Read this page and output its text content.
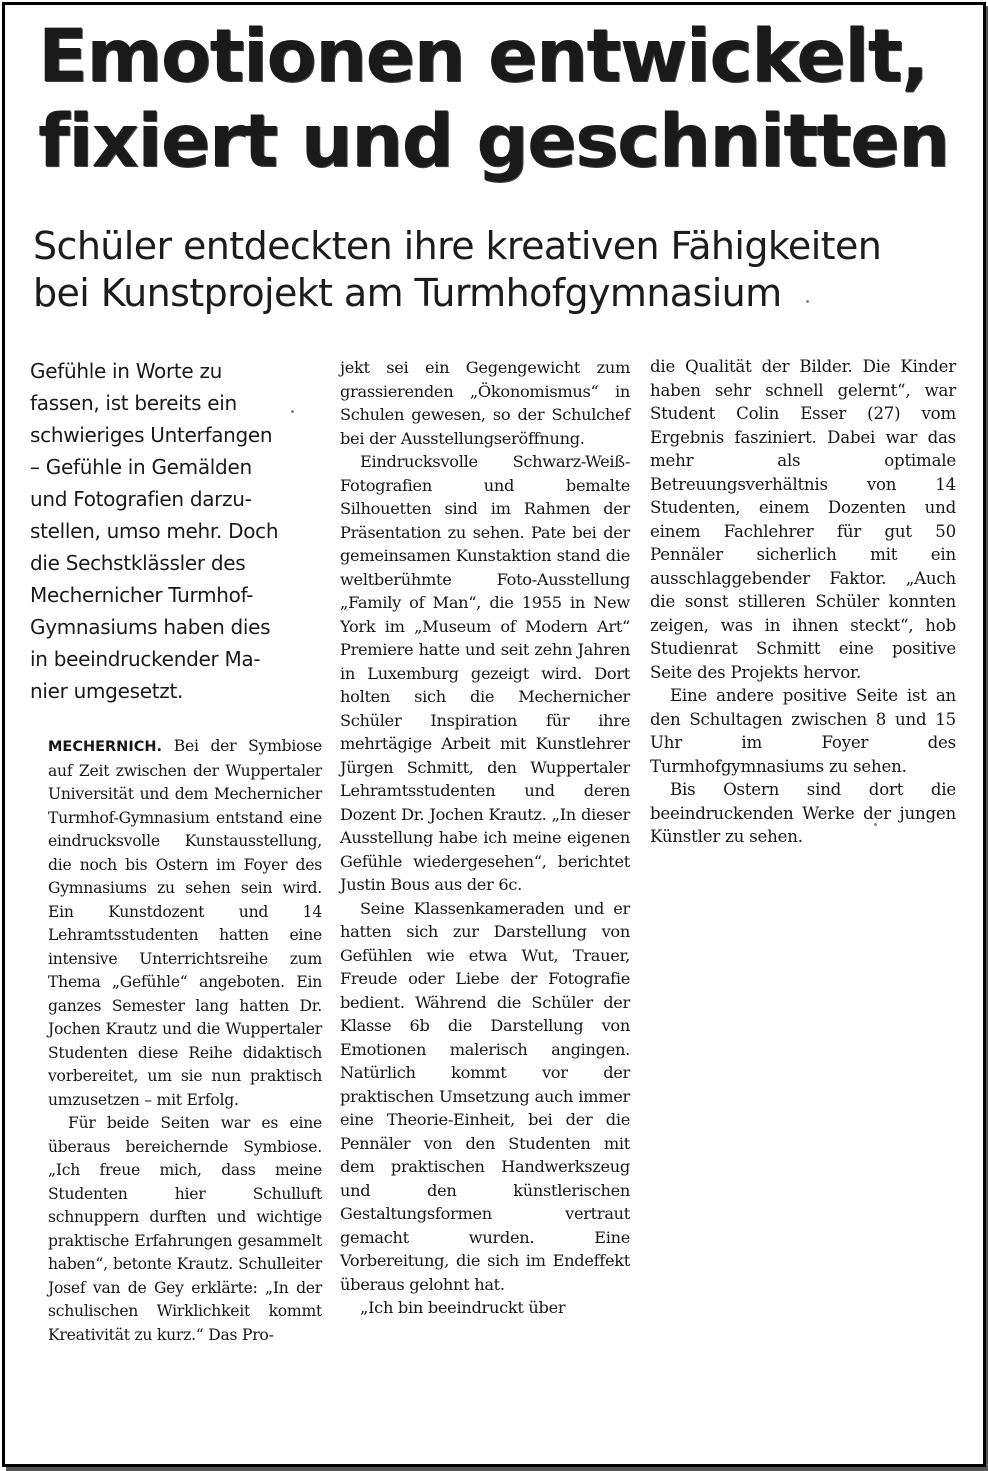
Emotionen entwickelt,
fixiert und geschnitten
Schüler entdeckten ihre kreativen Fähigkeiten
bei Kunstprojekt am Turmhofgymnasium
Gefühle in Worte zu
fassen, ist bereits ein
schwieriges Unterfangen
– Gefühle in Gemälden
und Fotografien darzu-
stellen, umso mehr. Doch
die Sechstklässler des
Mechernicher Turmhof-
Gymnasiums haben dies
in beeindruckender Ma-
nier umgesetzt.

MECHERNICH. Bei der Symbiose auf Zeit zwischen der Wuppertaler Universität und dem Mechernicher Turmhof-Gymnasium entstand eine eindrucksvolle Kunstausstellung, die noch bis Ostern im Foyer des Gymnasiums zu sehen sein wird. Ein Kunstdozent und 14 Lehramtsstudenten hatten eine intensive Unterrichtsreihe zum Thema „Gefühle“ angeboten. Ein ganzes Semester lang hatten Dr. Jochen Krautz und die Wuppertaler Studenten diese Reihe didaktisch vorbereitet, um sie nun praktisch umzusetzen – mit Erfolg.

Für beide Seiten war es eine überaus bereichernde Symbiose. „Ich freue mich, dass meine Studenten hier Schulluft schnuppern durften und wichtige praktische Erfahrungen gesammelt haben“, betonte Krautz. Schulleiter Josef van de Gey erklärte: „In der schulischen Wirklichkeit kommt Kreativität zu kurz.“ Das Pro-

jekt sei ein Gegengewicht zum grassierenden „Ökonomismus“ in Schulen gewesen, so der Schulchef bei der Ausstellungseröffnung.

Eindrucksvolle Schwarz-Weiß-Fotografien und bemalte Silhouetten sind im Rahmen der Präsentation zu sehen. Pate bei der gemeinsamen Kunstaktion stand die weltberühmte Foto-Ausstellung „Family of Man“, die 1955 in New York im „Museum of Modern Art“ Premiere hatte und seit zehn Jahren in Luxemburg gezeigt wird. Dort holten sich die Mechernicher Schüler Inspiration für ihre mehrtägige Arbeit mit Kunstlehrer Jürgen Schmitt, den Wuppertaler Lehramtsstudenten und deren Dozent Dr. Jochen Krautz. „In dieser Ausstellung habe ich meine eigenen Gefühle wiedergesehen“, berichtet Justin Bous aus der 6c.

Seine Klassenkameraden und er hatten sich zur Darstellung von Gefühlen wie etwa Wut, Trauer, Freude oder Liebe der Fotografie bedient. Während die Schüler der Klasse 6b die Darstellung von Emotionen malerisch angingen. Natürlich kommt vor der praktischen Umsetzung auch immer eine Theorie-Einheit, bei der die Pennäler von den Studenten mit dem praktischen Handwerkszeug und den künstlerischen Gestaltungsformen vertraut gemacht wurden. Eine Vorbereitung, die sich im Endeffekt überaus gelohnt hat.

„Ich bin beeindruckt über

die Qualität der Bilder. Die Kinder haben sehr schnell gelernt“, war Student Colin Esser (27) vom Ergebnis fasziniert. Dabei war das mehr als optimale Betreuungsverhältnis von 14 Studenten, einem Dozenten und einem Fachlehrer für gut 50 Pennäler sicherlich mit ein ausschlaggebender Faktor. „Auch die sonst stilleren Schüler konnten zeigen, was in ihnen steckt“, hob Studienrat Schmitt eine positive Seite des Projekts hervor.

Eine andere positive Seite ist an den Schultagen zwischen 8 und 15 Uhr im Foyer des Turmhofgymnasiums zu sehen.

Bis Ostern sind dort die beeindruckenden Werke der jungen Künstler zu sehen.
